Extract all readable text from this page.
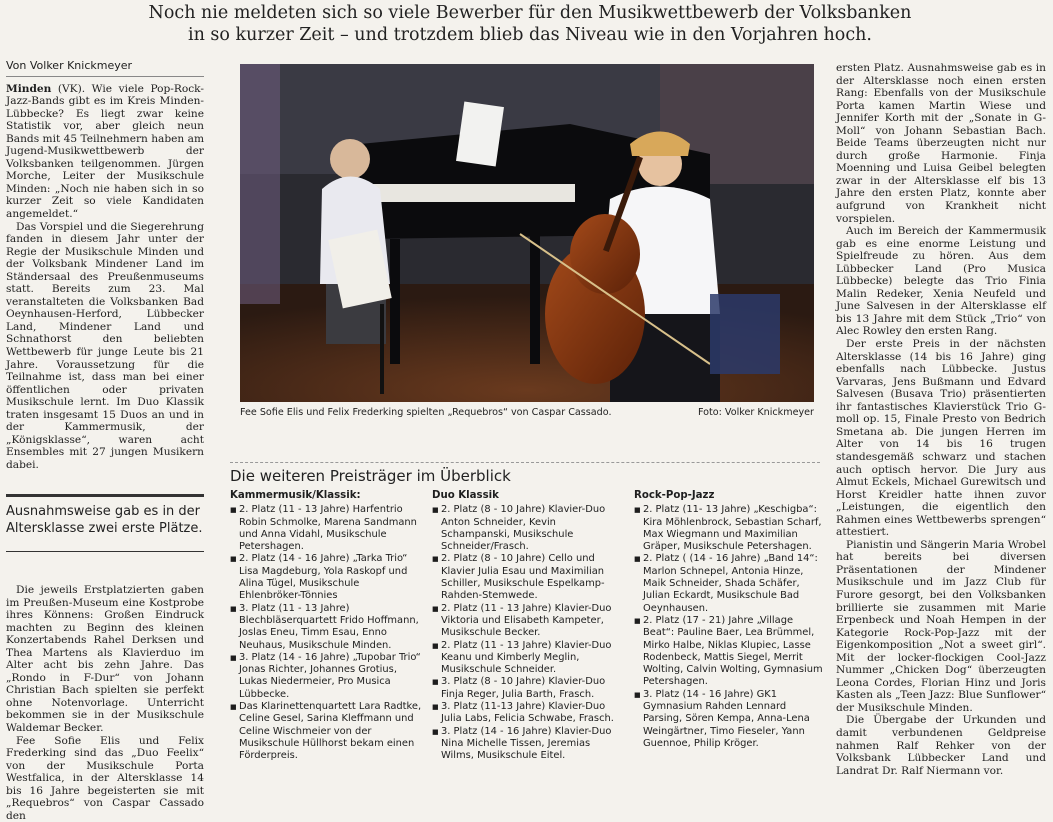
Noch nie meldeten sich so viele Bewerber für den Musikwettbewerb der Volksbanken
in so kurzer Zeit – und trotzdem blieb das Niveau wie in den Vorjahren hoch.
Von Volker Knickmeyer

Minden (VK). Wie viele Pop-Rock-Jazz-Bands gibt es im Kreis Minden-Lübbecke? Es liegt zwar keine Statistik vor, aber gleich neun Bands mit 45 Teilnehmern haben am Jugend-Musikwettbewerb der Volksbanken teilgenommen. Jürgen Morche, Leiter der Musikschule Minden: „Noch nie haben sich in so kurzer Zeit so viele Kandidaten angemeldet.“

Das Vorspiel und die Siegerehrung fanden in diesem Jahr unter der Regie der Musikschule Minden und der Volksbank Mindener Land im Ständersaal des Preußenmuseums statt. Bereits zum 23. Mal veranstalteten die Volksbanken Bad Oeynhausen-Herford, Lübbecker Land, Mindener Land und Schnathorst den beliebten Wettbewerb für junge Leute bis 21 Jahre. Voraussetzung für die Teilnahme ist, dass man bei einer öffentlichen oder privaten Musikschule lernt. Im Duo Klassik traten insgesamt 15 Duos an und in der Kammermusik, der „Königsklasse“, waren acht Ensembles mit 27 jungen Musikern dabei.

Ausnahmsweise gab es in der Altersklasse zwei erste Plätze.

Die jeweils Erstplatzierten gaben im Preußen-Museum eine Kostprobe ihres Könnens: Großen Eindruck machten zu Beginn des kleinen Konzertabends Rahel Derksen und Thea Martens als Klavierduo im Alter acht bis zehn Jahre. Das „Rondo in F-Dur“ von Johann Christian Bach spielten sie perfekt ohne Notenvorlage. Unterricht bekommen sie in der Musikschule Waldemar Becker.

Fee Sofie Elis und Felix Frederking sind das „Duo Feelix“ von der Musikschule Porta Westfalica, in der Altersklasse 14 bis 16 Jahre begeisterten sie mit „Requebros“ von Caspar Cassado den

Fee Sofie Elis und Felix Frederking spielten „Requebros“ von Caspar Cassado.	Foto: Volker Knickmeyer
Die weiteren Preisträger im Überblick
Kammermusik/Klassik:
■ 2. Platz (11 - 13 Jahre) Harfentrio Robin Schmolke, Marena Sandmann und Anna Vidahl, Musikschule Petershagen.
■ 2. Platz (14 - 16 Jahre) „Tarka Trio“ Lisa Magdeburg, Yola Raskopf und Alina Tügel, Musikschule Ehlenbröker-Tönnies
■ 3. Platz (11 - 13 Jahre) Blechbläserquartett Frido Hoffmann, Joslas Eneu, Timm Esau, Enno Neuhaus, Musikschule Minden.
■ 3. Platz (14 - 16 Jahre) „Tupobar Trio“ Jonas Richter, Johannes Grotius, Lukas Niedermeier, Pro Musica Lübbecke.
■ Das Klarinettenquartett Lara Radtke, Celine Gesel, Sarina Kleffmann und Celine Wischmeier von der Musikschule Hüllhorst bekam einen Förderpreis.
Duo Klassik
■ 2. Platz (8 - 10 Jahre) Klavier-Duo Anton Schneider, Kevin Schampanski, Musikschule Schneider/Frasch.
■ 2. Platz (8 - 10 Jahre) Cello und Klavier Julia Esau und Maximilian Schiller, Musikschule Espelkamp-Rahden-Stemwede.
■ 2. Platz (11 - 13 Jahre) Klavier-Duo Viktoria und Elisabeth Kampeter, Musikschule Becker.
■ 2. Platz (11 - 13 Jahre) Klavier-Duo Keanu und Kimberly Meglin, Musikschule Schneider.
■ 3. Platz (8 - 10 Jahre) Klavier-Duo Finja Reger, Julia Barth, Frasch.
■ 3. Platz (11-13 Jahre) Klavier-Duo Julia Labs, Felicia Schwabe, Frasch.
■ 3. Platz (14 - 16 Jahre) Klavier-Duo Nina Michelle Tissen, Jeremias Wilms, Musikschule Eitel.
Rock-Pop-Jazz
■ 2. Platz (11- 13 Jahre) „Keschigba“: Kira Möhlenbrock, Sebastian Scharf, Max Wiegmann und Maximilian Gräper, Musikschule Petershagen.
■ 2. Platz ( (14 - 16 Jahre) „Band 14“: Marlon Schnepel, Antonia Hinze, Maik Schneider, Shada Schäfer, Julian Eckardt, Musikschule Bad Oeynhausen.
■ 2. Platz (17 - 21) Jahre „Village Beat“: Pauline Baer, Lea Brümmel, Mirko Halbe, Niklas Klupiec, Lasse Rodenbeck, Mattis Siegel, Merrit Wolting, Calvin Wolting, Gymnasium Petershagen.
■ 3. Platz (14 - 16 Jahre) GK1 Gymnasium Rahden Lennard Parsing, Sören Kempa, Anna-Lena Weingärtner, Timo Fieseler, Yann Guennoe, Philip Kröger.

ersten Platz. Ausnahmsweise gab es in der Altersklasse noch einen ersten Rang: Ebenfalls von der Musikschule Porta kamen Martin Wiese und Jennifer Korth mit der „Sonate in G-Moll“ von Johann Sebastian Bach. Beide Teams überzeugten nicht nur durch große Harmonie. Finja Moenning und Luisa Geibel belegten zwar in der Altersklasse elf bis 13 Jahre den ersten Platz, konnte aber aufgrund von Krankheit nicht vorspielen.

Auch im Bereich der Kammermusik gab es eine enorme Leistung und Spielfreude zu hören. Aus dem Lübbecker Land (Pro Musica Lübbecke) belegte das Trio Finia Malin Redeker, Xenia Neufeld und June Salvesen in der Altersklasse elf bis 13 Jahre mit dem Stück „Trio“ von Alec Rowley den ersten Rang.

Der erste Preis in der nächsten Altersklasse (14 bis 16 Jahre) ging ebenfalls nach Lübbecke. Justus Varvaras, Jens Bußmann und Edvard Salvesen (Busava Trio) präsentierten ihr fantastisches Klavierstück Trio G-moll op. 15, Finale Presto von Bedrich Smetana ab. Die jungen Herren im Alter von 14 bis 16 trugen standesgemäß schwarz und stachen auch optisch hervor. Die Jury aus Almut Eckels, Michael Gurewitsch und Horst Kreidler hatte ihnen zuvor „Leistungen, die eigentlich den Rahmen eines Wettbewerbs sprengen“ attestiert.

Pianistin und Sängerin Maria Wrobel hat bereits bei diversen Präsentationen der Mindener Musikschule und im Jazz Club für Furore gesorgt, bei den Volksbanken brillierte sie zusammen mit Marie Erpenbeck und Noah Hempen in der Kategorie Rock-Pop-Jazz mit der Eigenkomposition „Not a sweet girl“. Mit der locker-flockigen Cool-Jazz Nummer „Chicken Dog“ überzeugten Leona Cordes, Florian Hinz und Joris Kasten als „Teen Jazz: Blue Sunflower“ der Musikschule Minden.

Die Übergabe der Urkunden und damit verbundenen Geldpreise nahmen Ralf Rehker von der Volksbank Lübbecker Land und Landrat Dr. Ralf Niermann vor.
